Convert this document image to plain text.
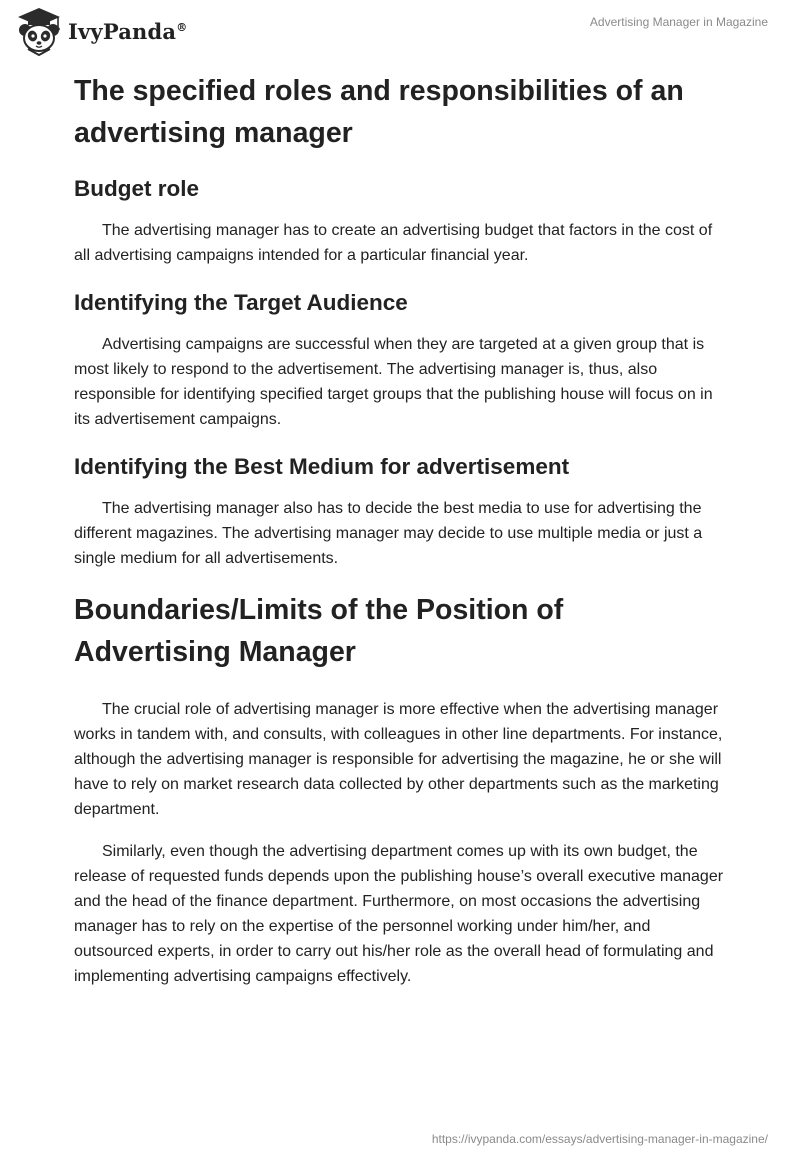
IvyPanda®	Advertising Manager in Magazine
The specified roles and responsibilities of an advertising manager
Budget role

The advertising manager has to create an advertising budget that factors in the cost of all advertising campaigns intended for a particular financial year.

Identifying the Target Audience

Advertising campaigns are successful when they are targeted at a given group that is most likely to respond to the advertisement. The advertising manager is, thus, also responsible for identifying specified target groups that the publishing house will focus on in its advertisement campaigns.

Identifying the Best Medium for advertisement

The advertising manager also has to decide the best media to use for advertising the different magazines. The advertising manager may decide to use multiple media or just a single medium for all advertisements.

Boundaries/Limits of the Position of Advertising Manager

The crucial role of advertising manager is more effective when the advertising manager works in tandem with, and consults, with colleagues in other line departments. For instance, although the advertising manager is responsible for advertising the magazine, he or she will have to rely on market research data collected by other departments such as the marketing department.

Similarly, even though the advertising department comes up with its own budget, the release of requested funds depends upon the publishing house’s overall executive manager and the head of the finance department. Furthermore, on most occasions the advertising manager has to rely on the expertise of the personnel working under him/her, and outsourced experts, in order to carry out his/her role as the overall head of formulating and implementing advertising campaigns effectively.

https://ivypanda.com/essays/advertising-manager-in-magazine/
